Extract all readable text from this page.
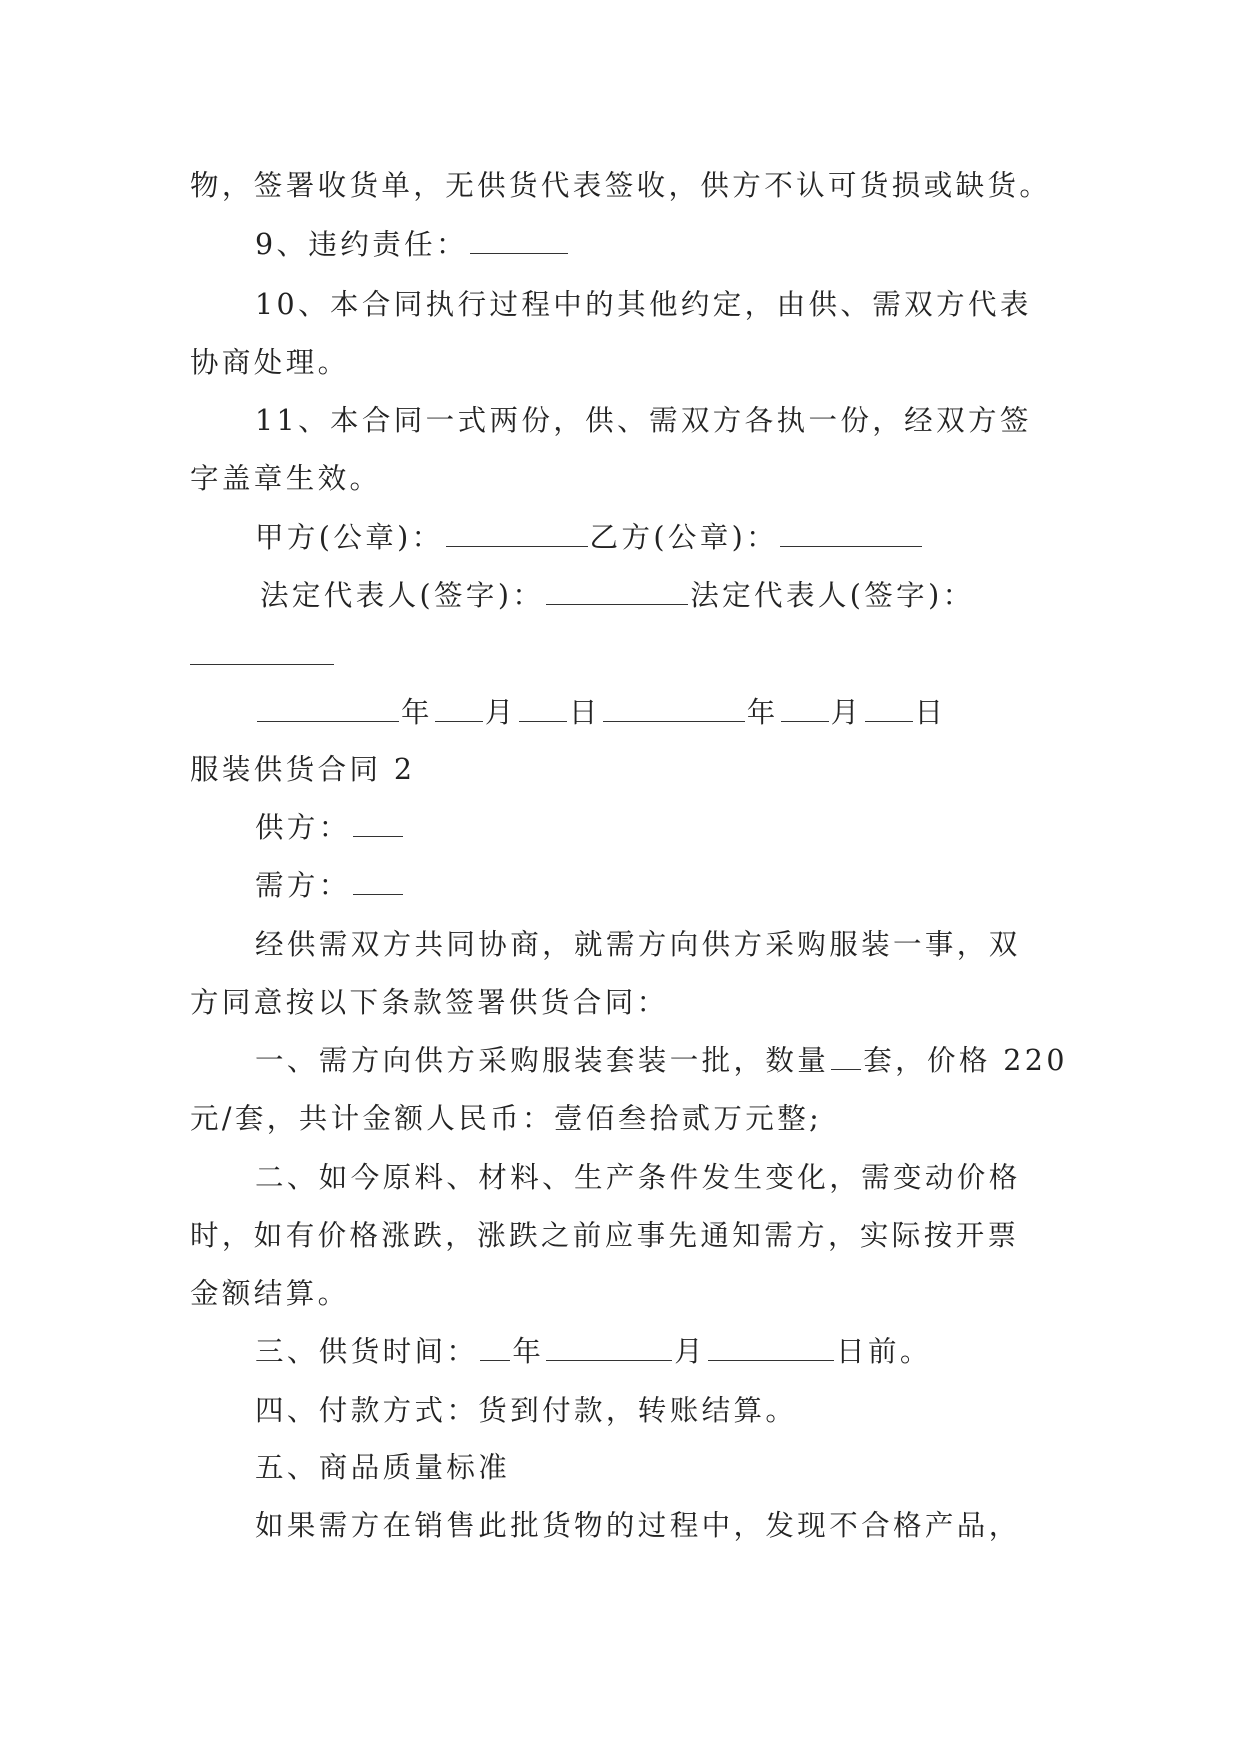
物，签署收货单，无供货代表签收，供方不认可货损或缺货。
9、违约责任：
10、本合同执行过程中的其他约定，由供、需双方代表
协商处理。
11、本合同一式两份，供、需双方各执一份，经双方签
字盖章生效。
甲方(公章)：	乙方(公章)：
法定代表人(签字)：	法定代表人(签字)：
年 月 日	年 月 日
服装供货合同 2
供方：
需方：
经供需双方共同协商，就需方向供方采购服装一事，双
方同意按以下条款签署供货合同：
一、需方向供方采购服装套装一批，数量 套，价格 220
元/套，共计金额人民币：壹佰叁拾贰万元整;
二、如今原料、材料、生产条件发生变化，需变动价格
时，如有价格涨跌，涨跌之前应事先通知需方，实际按开票
金额结算。
三、供货时间： 年	月	日前。
四、付款方式：货到付款，转账结算。
五、商品质量标准
如果需方在销售此批货物的过程中，发现不合格产品，
